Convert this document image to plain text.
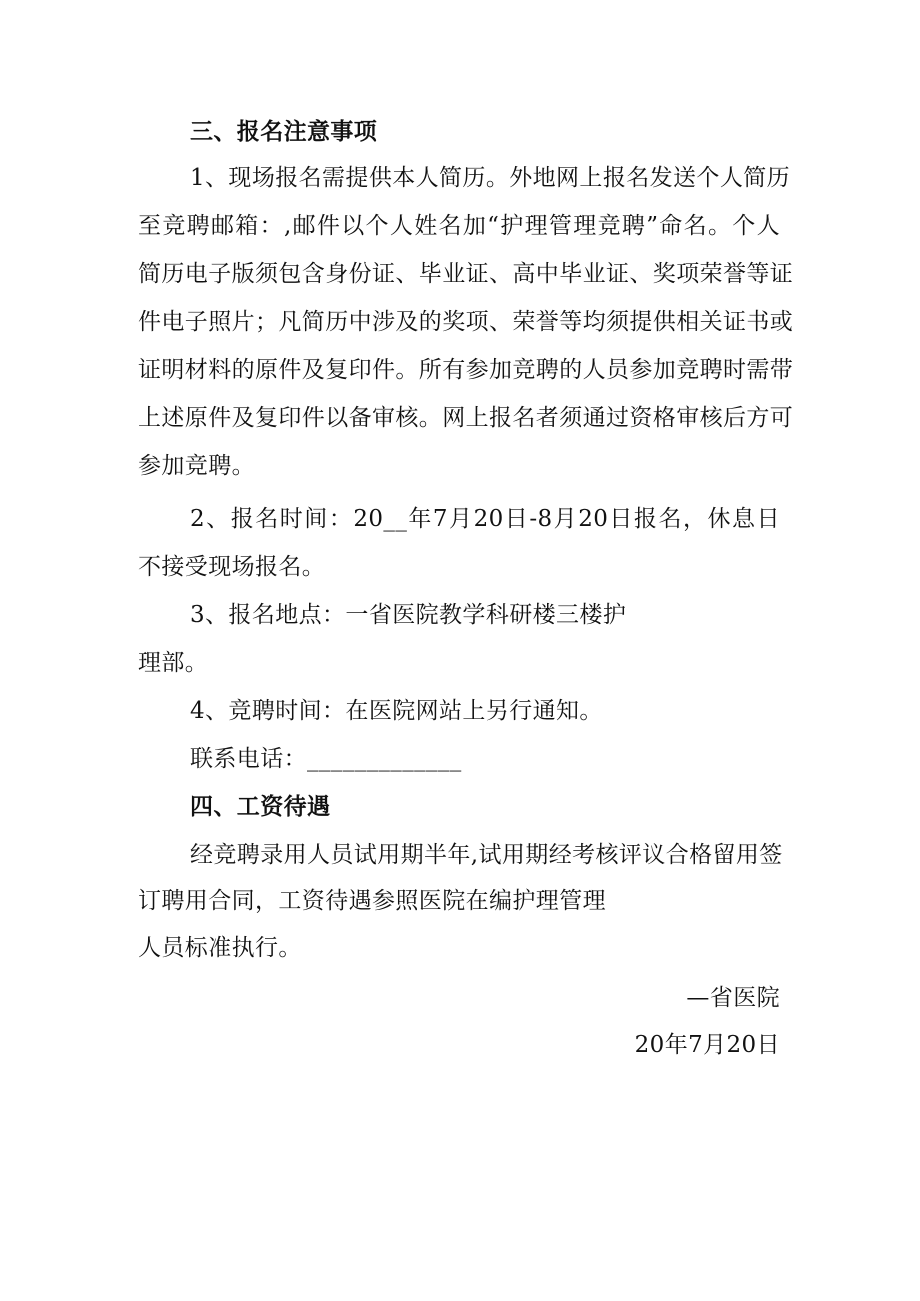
三、报名注意事项
1、现场报名需提供本人简历。外地网上报名发送个人简历
至竞聘邮箱：,邮件以个人姓名加“护理管理竞聘”命名。个人
简历电子版须包含身份证、毕业证、高中毕业证、奖项荣誉等证
件电子照片；凡简历中涉及的奖项、荣誉等均须提供相关证书或
证明材料的原件及复印件。所有参加竞聘的人员参加竞聘时需带
上述原件及复印件以备审核。网上报名者须通过资格审核后方可
参加竞聘。
2、报名时间：20__年7月20日-8月20日报名，休息日
不接受现场报名。
3、报名地点：一省医院教学科研楼三楼护
理部。
4、竞聘时间：在医院网站上另行通知。
联系电话：_____________
四、工资待遇
经竞聘录用人员试用期半年,试用期经考核评议合格留用签
订聘用合同，工资待遇参照医院在编护理管理
人员标准执行。
—省医院
20年7月20日
